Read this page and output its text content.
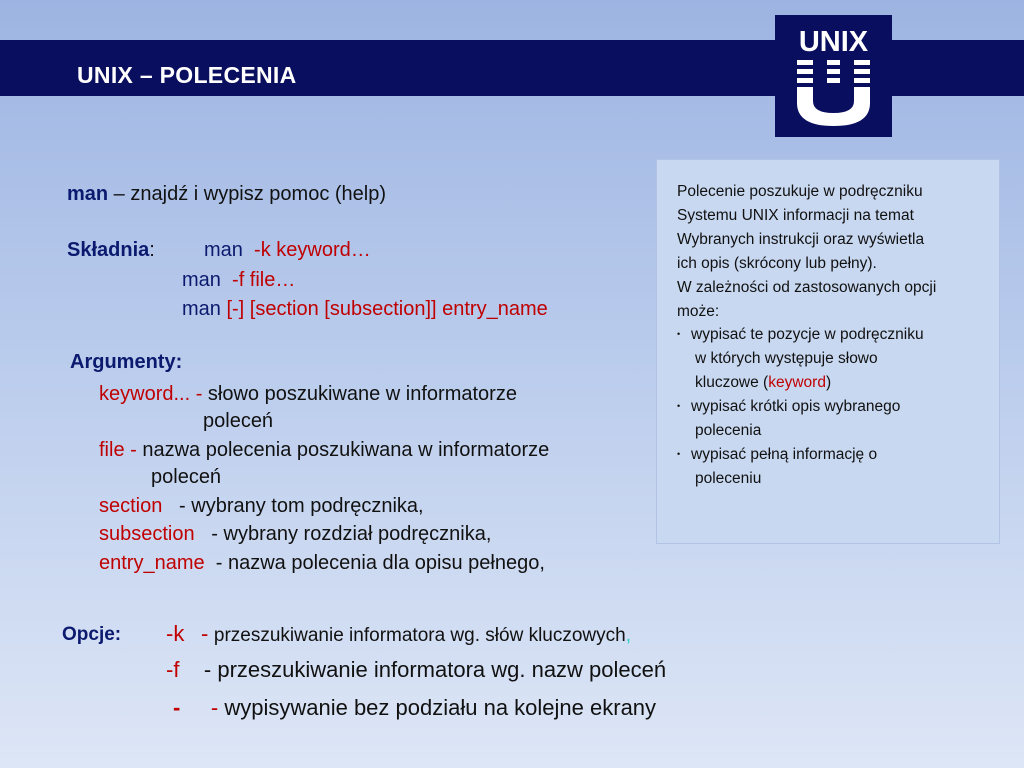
UNIX – POLECENIA
UNIX
man – znajdź i wypisz pomoc (help)
Składnia: man -k keyword…
man -f file…
man [-] [section [subsection]] entry_name
Argumenty:
keyword... - słowo poszukiwane w informatorze
poleceń
file - nazwa polecenia poszukiwana w informatorze
poleceń
section - wybrany tom podręcznika,
subsection - wybrany rozdział podręcznika,
entry_name - nazwa polecenia dla opisu pełnego,
Opcje: -k - przeszukiwanie informatora wg. słów kluczowych,
-f - przeszukiwanie informatora wg. nazw poleceń
- - wypisywanie bez podziału na kolejne ekrany
Polecenie poszukuje w podręczniku
Systemu UNIX informacji na temat
Wybranych instrukcji oraz wyświetla
ich opis (skrócony lub pełny).
W zależności od zastosowanych opcji
może:
• wypisać te pozycje w podręczniku
w których występuje słowo
kluczowe (keyword)
• wypisać krótki opis wybranego
polecenia
• wypisać pełną informację o
poleceniu
